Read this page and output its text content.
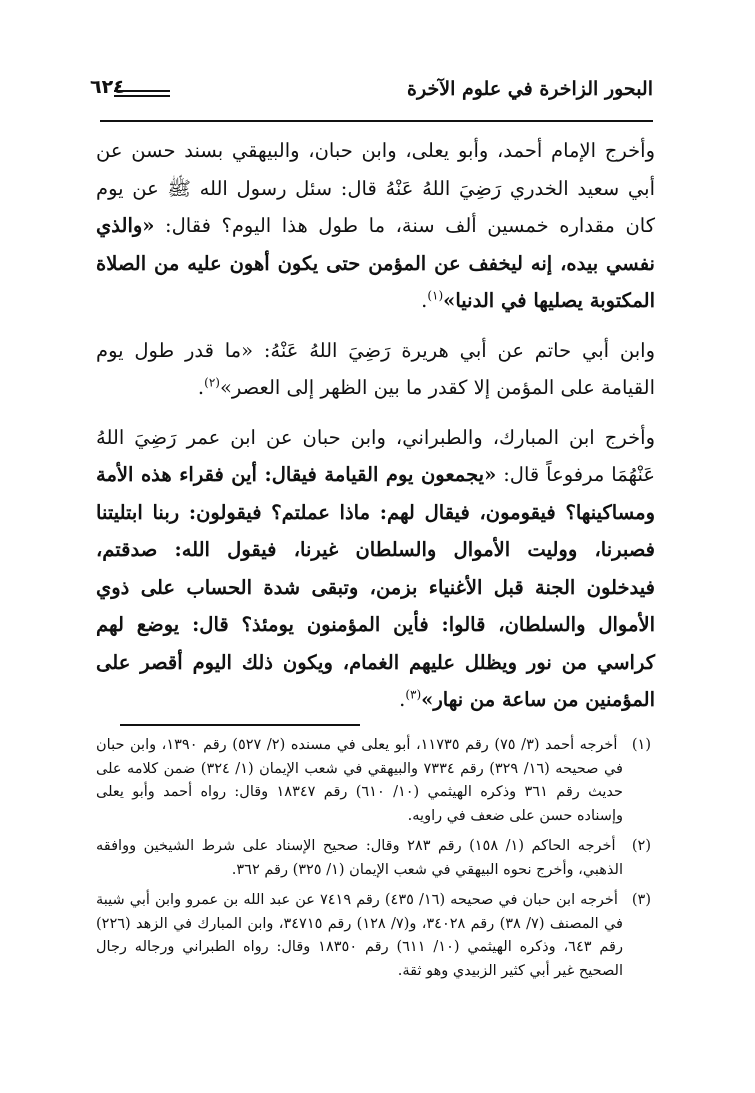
البحور الزاخرة في علوم الآخرة
٦٢٤

وأخرج الإمام أحمد، وأبو يعلى، وابن حبان، والبيهقي بسند حسن عن أبي سعيد الخدري رَضِيَ اللهُ عَنْهُ قال: سئل رسول الله ﷺ عن يوم كان مقداره خمسين ألف سنة، ما طول هذا اليوم؟ فقال: «والذي نفسي بيده، إنه ليخفف عن المؤمن حتى يكون أهون عليه من الصلاة المكتوبة يصليها في الدنيا»$^{(١)}$.

وابن أبي حاتم عن أبي هريرة رَضِيَ اللهُ عَنْهُ: «ما قدر طول يوم القيامة على المؤمن إلا كقدر ما بين الظهر إلى العصر»$^{(٢)}$.

وأخرج ابن المبارك، والطبراني، وابن حبان عن ابن عمر رَضِيَ اللهُ عَنْهُمَا مرفوعاً قال: «يجمعون يوم القيامة فيقال: أين فقراء هذه الأمة ومساكينها؟ فيقومون، فيقال لهم: ماذا عملتم؟ فيقولون: ربنا ابتليتنا فصبرنا، ووليت الأموال والسلطان غيرنا، فيقول الله: صدقتم، فيدخلون الجنة قبل الأغنياء بزمن، وتبقى شدة الحساب على ذوي الأموال والسلطان، قالوا: فأين المؤمنون يومئذ؟ قال: يوضع لهم كراسي من نور ويظلل عليهم الغمام، ويكون ذلك اليوم أقصر على المؤمنين من ساعة من نهار»$^{(٣)}$.

(١) أخرجه أحمد (٣/ ٧٥) رقم ١١٧٣٥، أبو يعلى في مسنده (٢/ ٥٢٧) رقم ١٣٩٠، وابن حبان في صحيحه (١٦/ ٣٢٩) رقم ٧٣٣٤ والبيهقي في شعب الإيمان (١/ ٣٢٤) ضمن كلامه على حديث رقم ٣٦١ وذكره الهيثمي (١٠/ ٦١٠) رقم ١٨٣٤٧ وقال: رواه أحمد وأبو يعلى وإسناده حسن على ضعف في راويه.

(٢) أخرجه الحاكم (١/ ١٥٨) رقم ٢٨٣ وقال: صحيح الإسناد على شرط الشيخين ووافقه الذهبي، وأخرج نحوه البيهقي في شعب الإيمان (١/ ٣٢٥) رقم ٣٦٢.

(٣) أخرجه ابن حبان في صحيحه (١٦/ ٤٣٥) رقم ٧٤١٩ عن عبد الله بن عمرو وابن أبي شيبة في المصنف (٧/ ٣٨) رقم ٣٤٠٢٨، و(٧/ ١٢٨) رقم ٣٤٧١٥، وابن المبارك في الزهد (٢٢٦) رقم ٦٤٣، وذكره الهيثمي (١٠/ ٦١١) رقم ١٨٣٥٠ وقال: رواه الطبراني ورجاله رجال الصحيح غير أبي كثير الزبيدي وهو ثقة.
